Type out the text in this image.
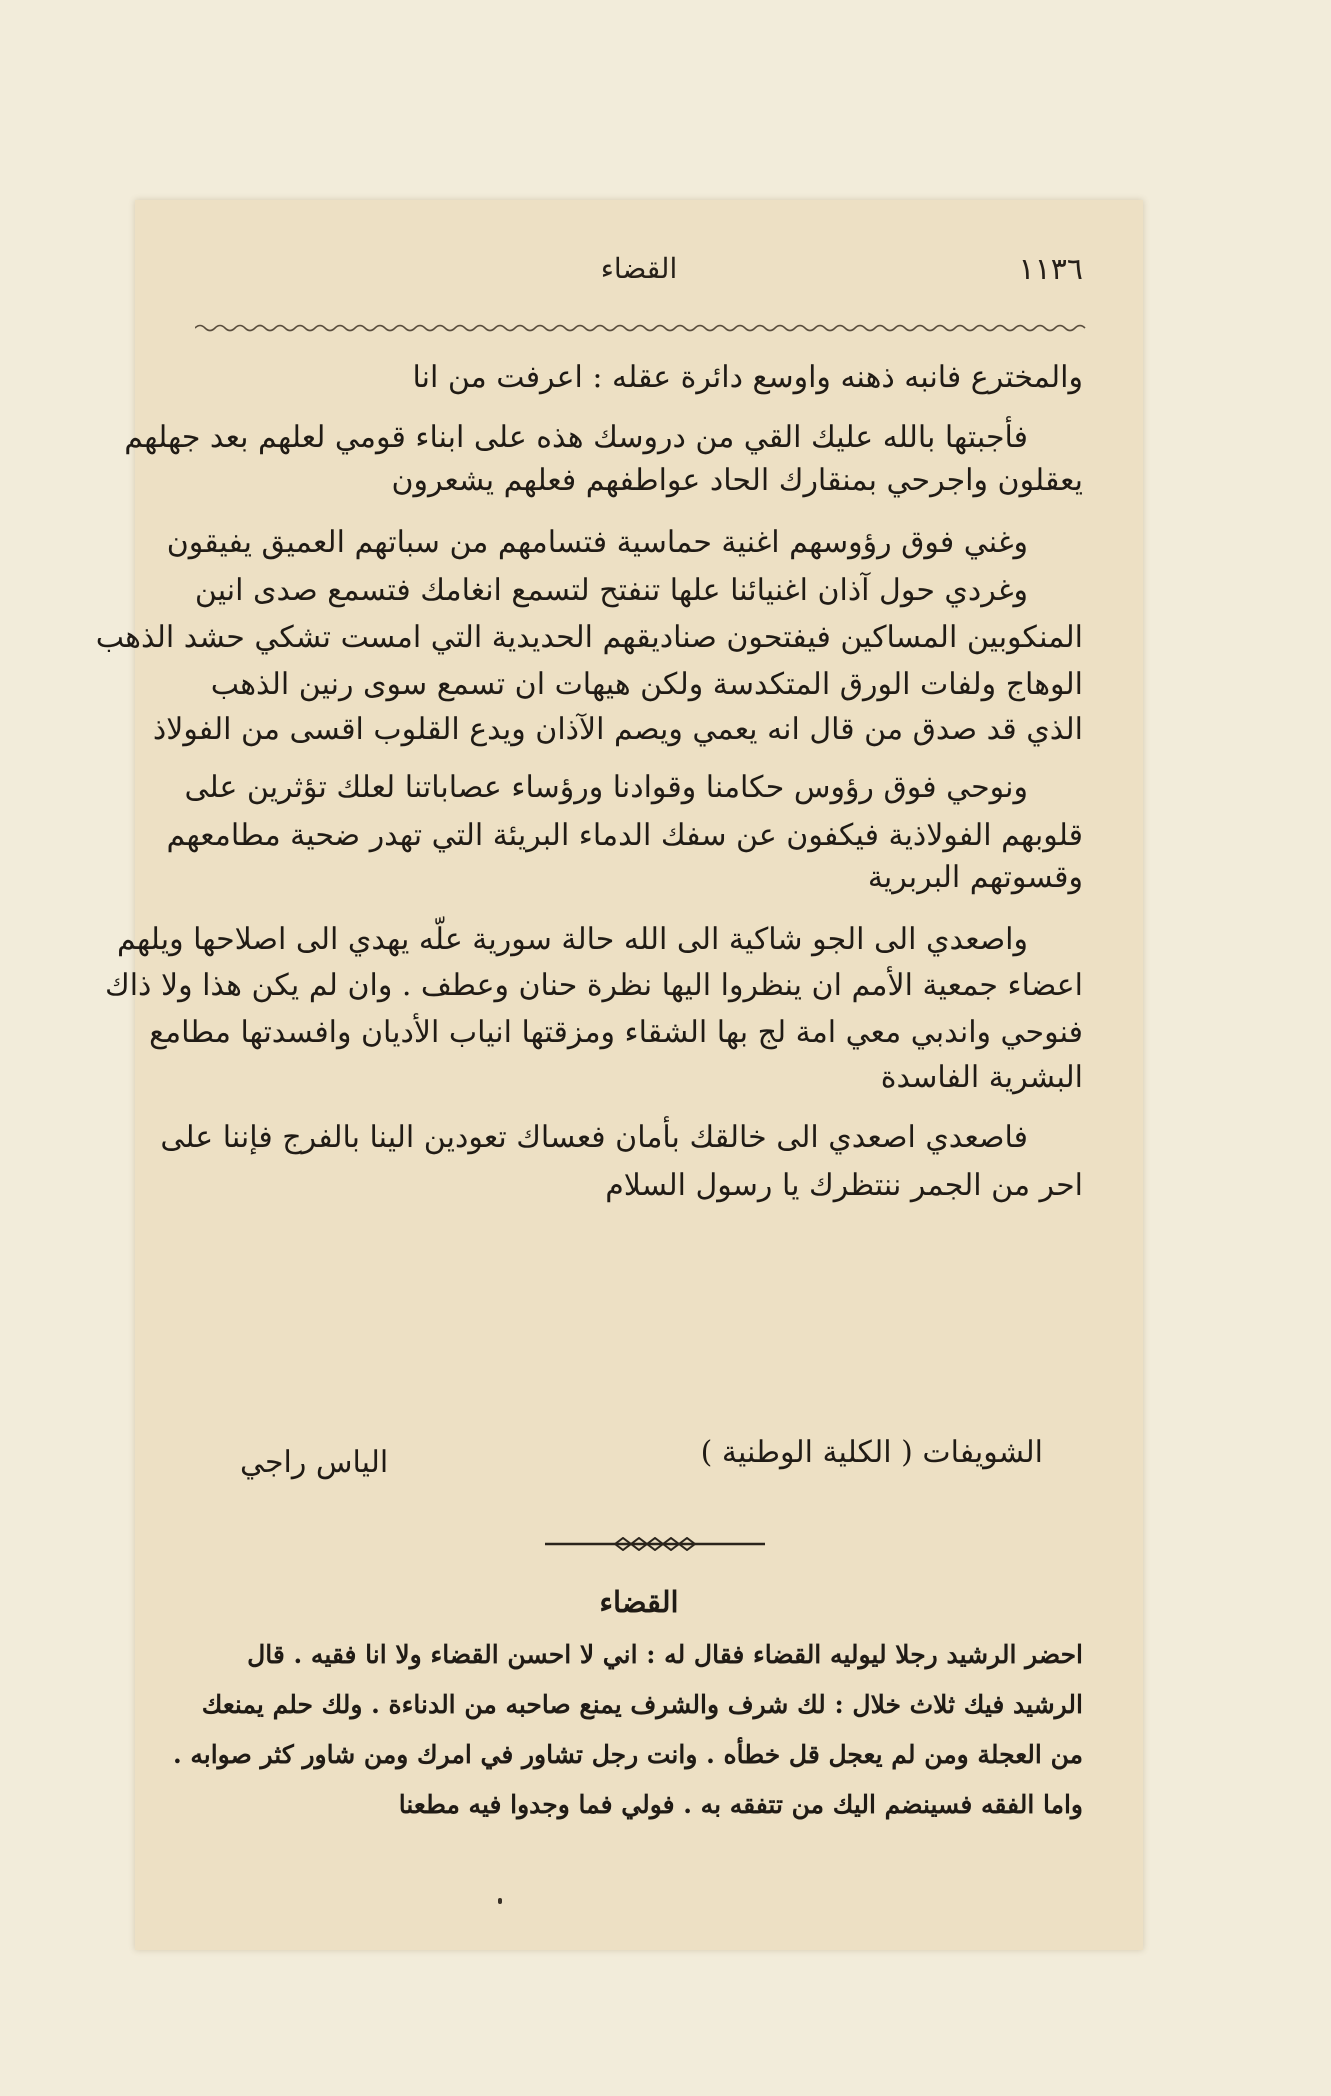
١١٣٦
القضاء
والمخترع فانبه ذهنه واوسع دائرة عقله : اعرفت من انا
فأجبتها بالله عليك القي من دروسك هذه على ابناء قومي لعلهم بعد جهلهم
يعقلون واجرحي بمنقارك الحاد عواطفهم فعلهم يشعرون
وغني فوق رؤوسهم اغنية حماسية فتسامهم من سباتهم العميق يفيقون
وغردي حول آذان اغنيائنا علها تنفتح لتسمع انغامك فتسمع صدى انين
المنكوبين المساكين فيفتحون صناديقهم الحديدية التي امست تشكي حشد الذهب
الوهاج ولفات الورق المتكدسة ولكن هيهات ان تسمع سوى رنين الذهب
الذي قد صدق من قال انه يعمي ويصم الآذان ويدع القلوب اقسى من الفولاذ
ونوحي فوق رؤوس حكامنا وقوادنا ورؤساء عصاباتنا لعلك تؤثرين على
قلوبهم الفولاذية فيكفون عن سفك الدماء البريئة التي تهدر ضحية مطامعهم
وقسوتهم البربرية
واصعدي الى الجو شاكية الى الله حالة سورية علّه يهدي الى اصلاحها ويلهم
اعضاء جمعية الأمم ان ينظروا اليها نظرة حنان وعطف . وان لم يكن هذا ولا ذاك
فنوحي واندبي معي امة لج بها الشقاء ومزقتها انياب الأديان وافسدتها مطامع
البشرية الفاسدة
فاصعدي اصعدي الى خالقك بأمان فعساك تعودين الينا بالفرج فإننا على
احر من الجمر ننتظرك يا رسول السلام
الشويفات ( الكلية الوطنية )
الياس راجي
القضاء
احضر الرشيد رجلا ليوليه القضاء فقال له : اني لا احسن القضاء ولا انا فقيه . قال
الرشيد فيك ثلاث خلال : لك شرف والشرف يمنع صاحبه من الدناءة . ولك حلم يمنعك
من العجلة ومن لم يعجل قل خطأه . وانت رجل تشاور في امرك ومن شاور كثر صوابه .
واما الفقه فسينضم اليك من تتفقه به . فولي فما وجدوا فيه مطعنا
